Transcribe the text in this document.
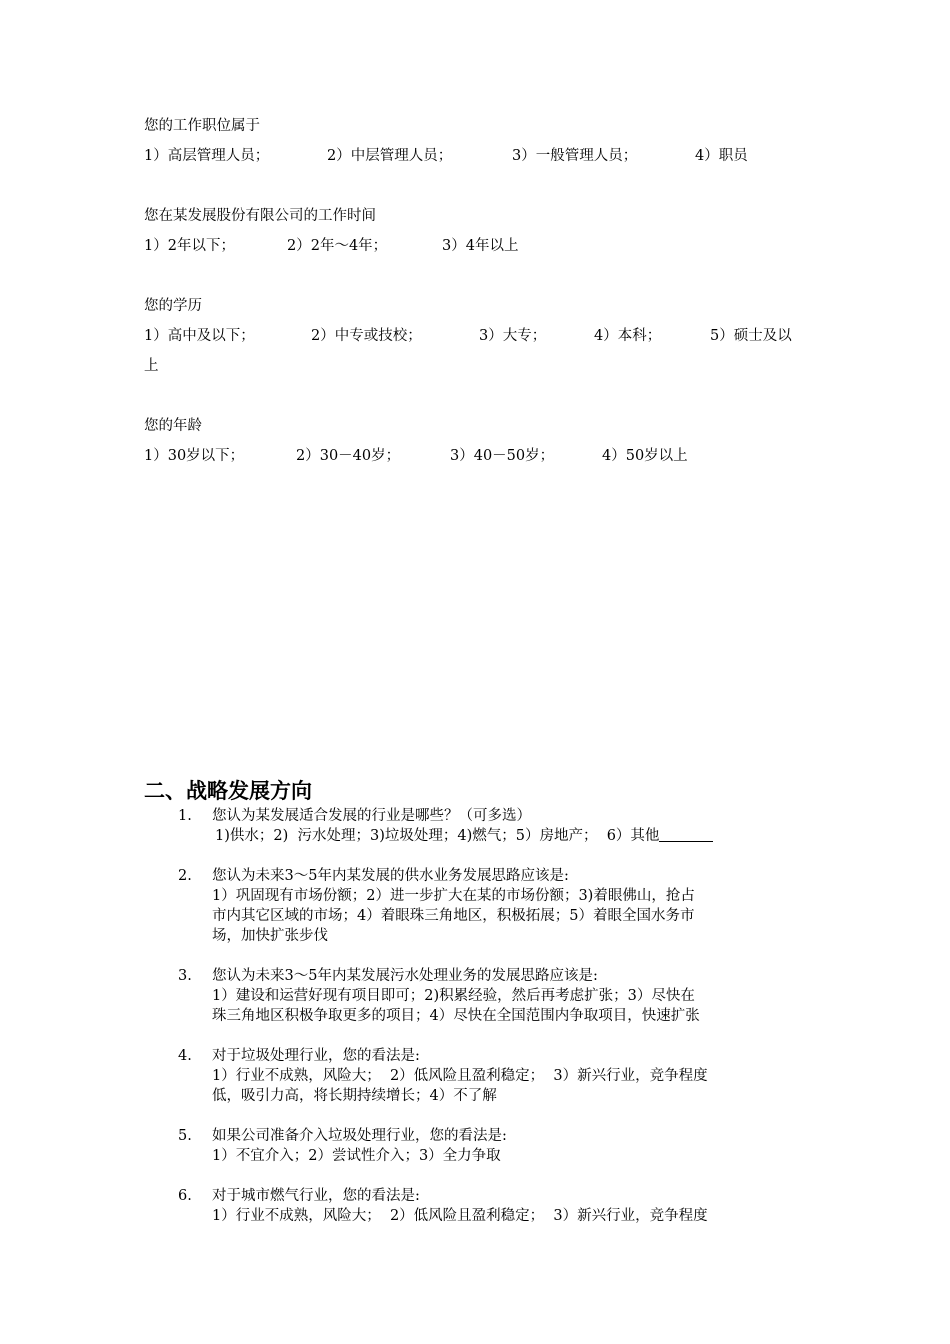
您的工作职位属于

1）高层管理人员；

	2）中层管理人员；

	3）一般管理人员；

	4）职员

您在某发展股份有限公司的工作时间

1）2年以下；

	2）2年～4年；

	3）4年以上

您的学历

1）高中及以下；

	2）中专或技校；

	3）大专；

	4）本科；

	5）硕士及以

上

您的年龄

1）30岁以下；

	2）30－40岁；

	3）40－50岁；

	4）50岁以上

二、战略发展方向
1. 您认为某发展适合发展的行业是哪些？（可多选）
1)供水；2)  污水处理；3)垃圾处理；4)燃气；5）房地产；  6）其他
2. 您认为未来3～5年内某发展的供水业务发展思路应该是:
1）巩固现有市场份额；2）进一步扩大在某的市场份额；3)着眼佛山，抢占
市内其它区域的市场；4）着眼珠三角地区，积极拓展；5）着眼全国水务市
场，加快扩张步伐
3. 您认为未来3～5年内某发展污水处理业务的发展思路应该是:
1）建设和运营好现有项目即可；2)积累经验，然后再考虑扩张；3）尽快在
珠三角地区积极争取更多的项目；4）尽快在全国范围内争取项目，快速扩张
4. 对于垃圾处理行业，您的看法是:
1）行业不成熟，风险大；  2）低风险且盈利稳定；  3）新兴行业，竞争程度
低，吸引力高，将长期持续增长；4）不了解
5. 如果公司准备介入垃圾处理行业，您的看法是:
1）不宜介入；2）尝试性介入；3）全力争取
6. 对于城市燃气行业，您的看法是:
1）行业不成熟，风险大；  2）低风险且盈利稳定；  3）新兴行业，竞争程度
